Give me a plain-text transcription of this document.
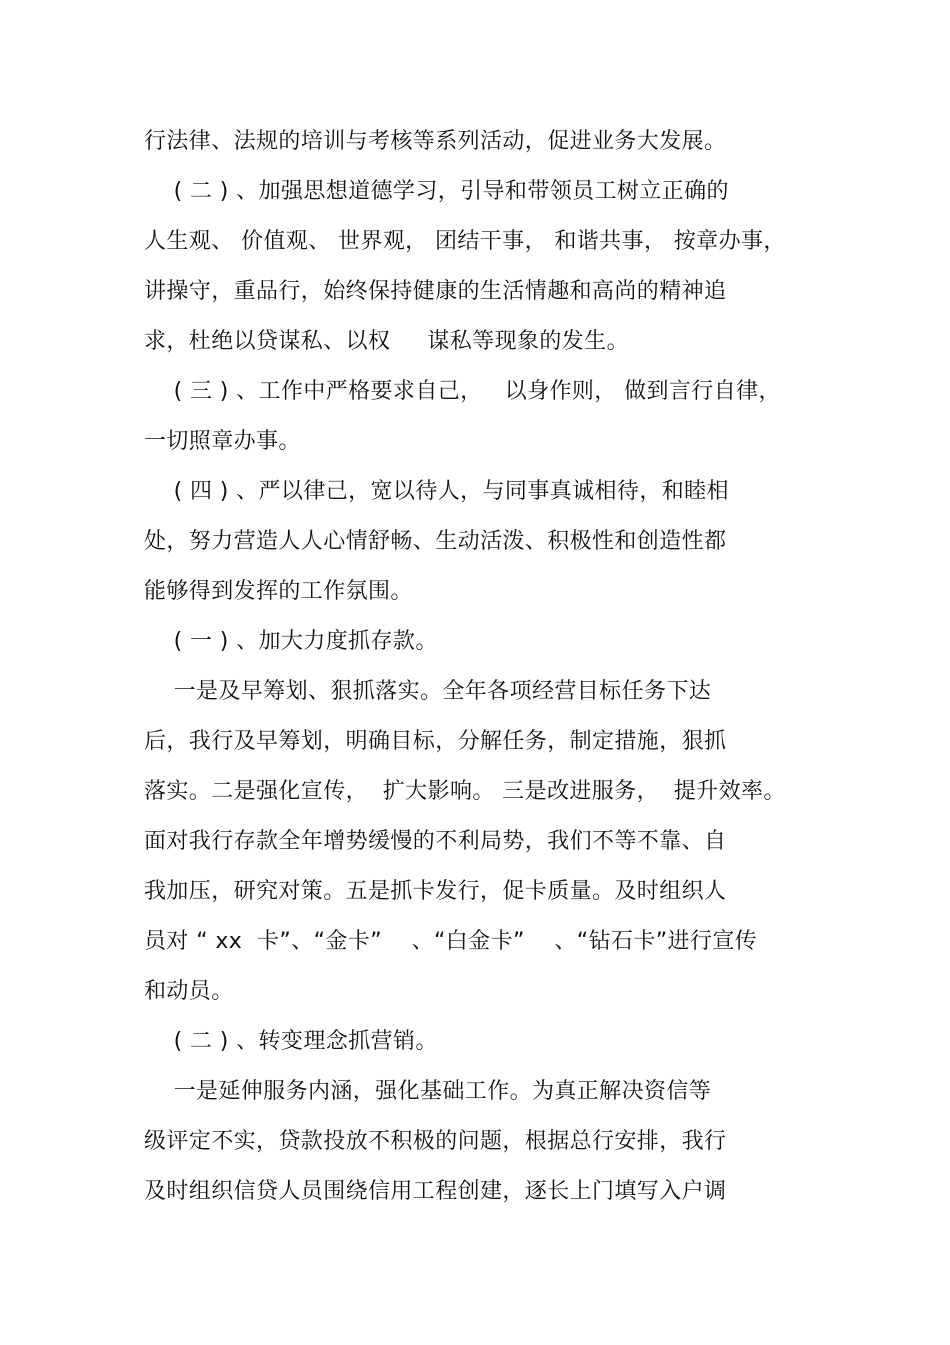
行法律、法规的培训与考核等系列活动，促进业务大发展。
( 二 ) 、加强思想道德学习，引导和带领员工树立正确的
人生观、 价值观、 世界观， 团结干事， 和谐共事， 按章办事，
讲操守，重品行，始终保持健康的生活情趣和高尚的精神追
求，杜绝以贷谋私、以权     谋私等现象的发生。
( 三 ) 、工作中严格要求自己，   以身作则， 做到言行自律，
一切照章办事。
( 四 ) 、严以律己，宽以待人，与同事真诚相待，和睦相
处，努力营造人人心情舒畅、生动活泼、积极性和创造性都
能够得到发挥的工作氛围。
( 一 ) 、加大力度抓存款。
一是及早筹划、狠抓落实。全年各项经营目标任务下达
后，我行及早筹划，明确目标，分解任务，制定措施，狠抓
落实。二是强化宣传，  扩大影响。 三是改进服务，  提升效率。
面对我行存款全年增势缓慢的不利局势，我们不等不靠、自
我加压，研究对策。五是抓卡发行，促卡质量。及时组织人
员对 “ xx  卡”、“金卡”    、“白金卡”    、“钻石卡”进行宣传
和动员。
( 二 ) 、转变理念抓营销。
一是延伸服务内涵，强化基础工作。为真正解决资信等
级评定不实，贷款投放不积极的问题，根据总行安排，我行
及时组织信贷人员围绕信用工程创建，逐长上门填写入户调
